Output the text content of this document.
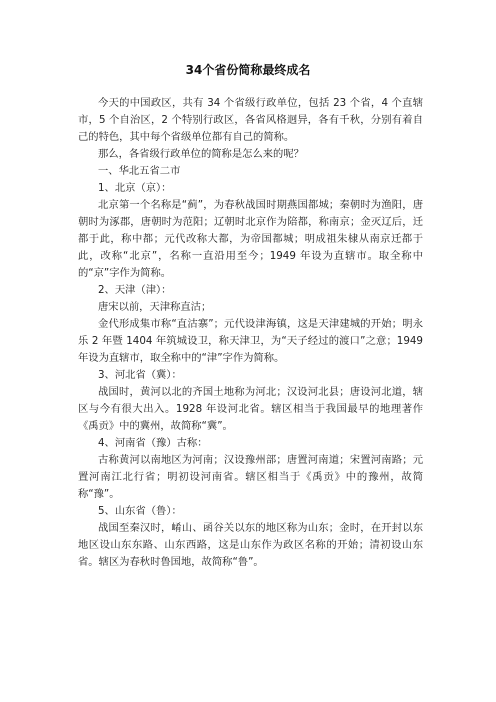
34个省份简称最终成名

今天的中国政区，共有 34 个省级行政单位，包括 23 个省，4 个直辖市，5 个自治区，2 个特别行政区，各省风格迥异，各有千秋，分别有着自己的特色，其中每个省级单位都有自己的简称。

那么，各省级行政单位的简称是怎么来的呢？

一、华北五省二市

1、北京（京）：

北京第一个名称是“蓟”，为春秋战国时期燕国都城；秦朝时为渔阳，唐朝时为涿郡，唐朝时为范阳；辽朝时北京作为陪都，称南京；金灭辽后，迁都于此，称中都；元代改称大都，为帝国都城；明成祖朱棣从南京迁都于此，改称“北京”，名称一直沿用至今；1949 年设为直辖市。取全称中的“京”字作为简称。

2、天津（津）：

唐宋以前，天津称直沽；

金代形成集市称“直沽寨”；元代设津海镇，这是天津建城的开始；明永乐 2 年暨 1404 年筑城设卫，称天津卫，为“天子经过的渡口”之意；1949 年设为直辖市，取全称中的“津”字作为简称。

3、河北省（冀）：

战国时，黄河以北的齐国土地称为河北；汉设河北县；唐设河北道，辖区与今有很大出入。1928 年设河北省。辖区相当于我国最早的地理著作《禹贡》中的冀州，故简称“冀”。

4、河南省（豫）古称：

古称黄河以南地区为河南；汉设豫州部；唐置河南道；宋置河南路；元置河南江北行省；明初设河南省。辖区相当于《禹贡》中的豫州，故简称“豫”。

5、山东省（鲁）：

战国至秦汉时，崤山、函谷关以东的地区称为山东；金时，在开封以东地区设山东东路、山东西路，这是山东作为政区名称的开始；清初设山东省。辖区为春秋时鲁国地，故简称“鲁”。
